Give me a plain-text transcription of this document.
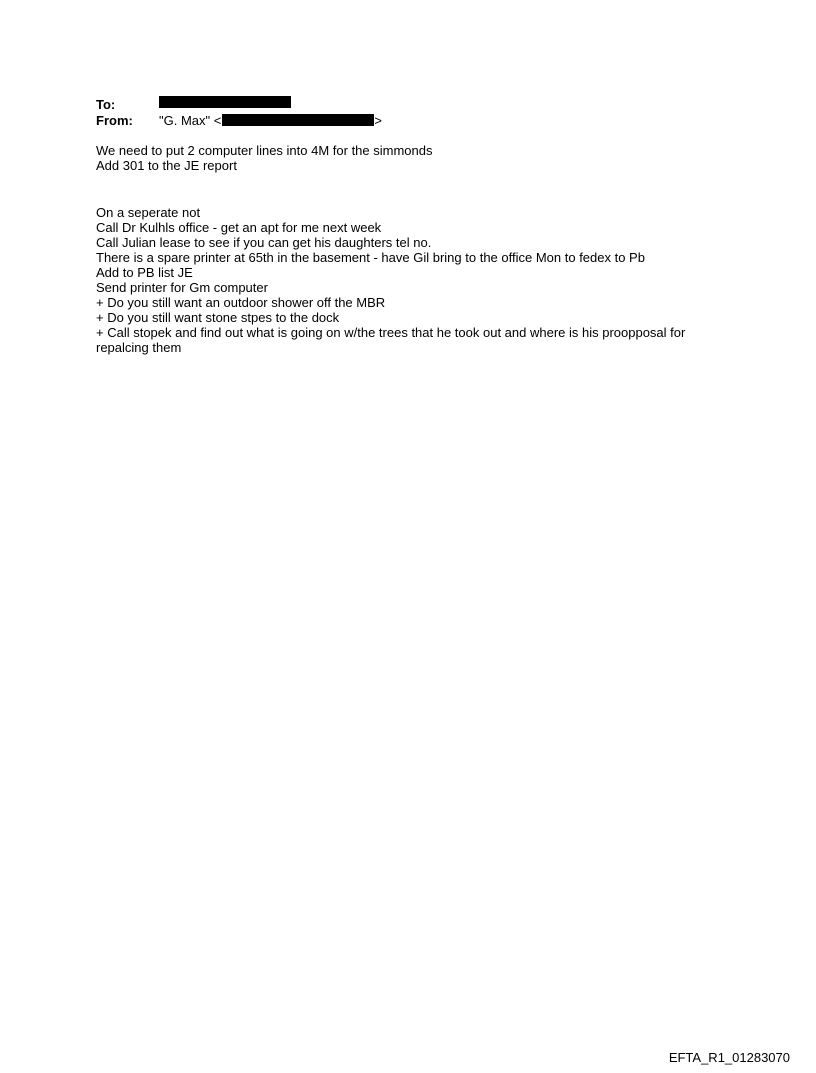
To:
From:	"G. Max" <	>
We need to put 2 computer lines into 4M for the simmonds
Add 301 to the JE report
On a seperate not
Call Dr Kulhls office - get an apt for me next week
Call Julian lease to see if you can get his daughters tel no.
There is a spare printer at 65th in the basement - have Gil bring to the office Mon to fedex to Pb
Add to PB list JE
Send printer for Gm computer
+ Do you still want an outdoor shower off the MBR
+ Do you still want stone stpes to the dock
+ Call stopek and find out what is going on w/the trees that he took out and where is his proopposal for repalcing them
EFTA_R1_01283070
